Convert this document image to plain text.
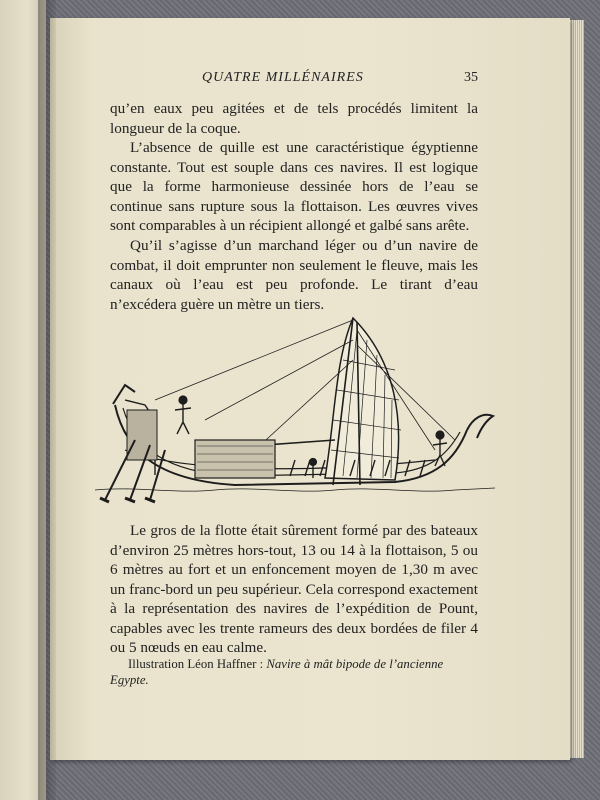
QUATRE MILLÉNAIRES	35

qu’en eaux peu agitées et de tels procédés limitent la longueur de la coque.

L’absence de quille est une caractéristique égyptienne constante. Tout est souple dans ces navires. Il est logique que la forme harmonieuse dessinée hors de l’eau se continue sans rupture sous la flottaison. Les œuvres vives sont comparables à un récipient allongé et galbé sans arête.

Qu’il s’agisse d’un marchand léger ou d’un navire de combat, il doit emprunter non seulement le fleuve, mais les canaux où l’eau est peu profonde. Le tirant d’eau n’excédera guère un mètre un tiers.

Le gros de la flotte était sûrement formé par des bateaux d’environ 25 mètres hors-tout, 13 ou 14 à la flottaison, 5 ou 6 mètres au fort et un enfoncement moyen de 1,30 m avec un franc-bord un peu supérieur. Cela correspond exactement à la représentation des navires de l’expédition de Pount, capables avec les trente rameurs des deux bordées de filer 4 ou 5 nœuds en eau calme.

Illustration Léon Haffner : Navire à mât bipode de l’ancienne Egypte.
